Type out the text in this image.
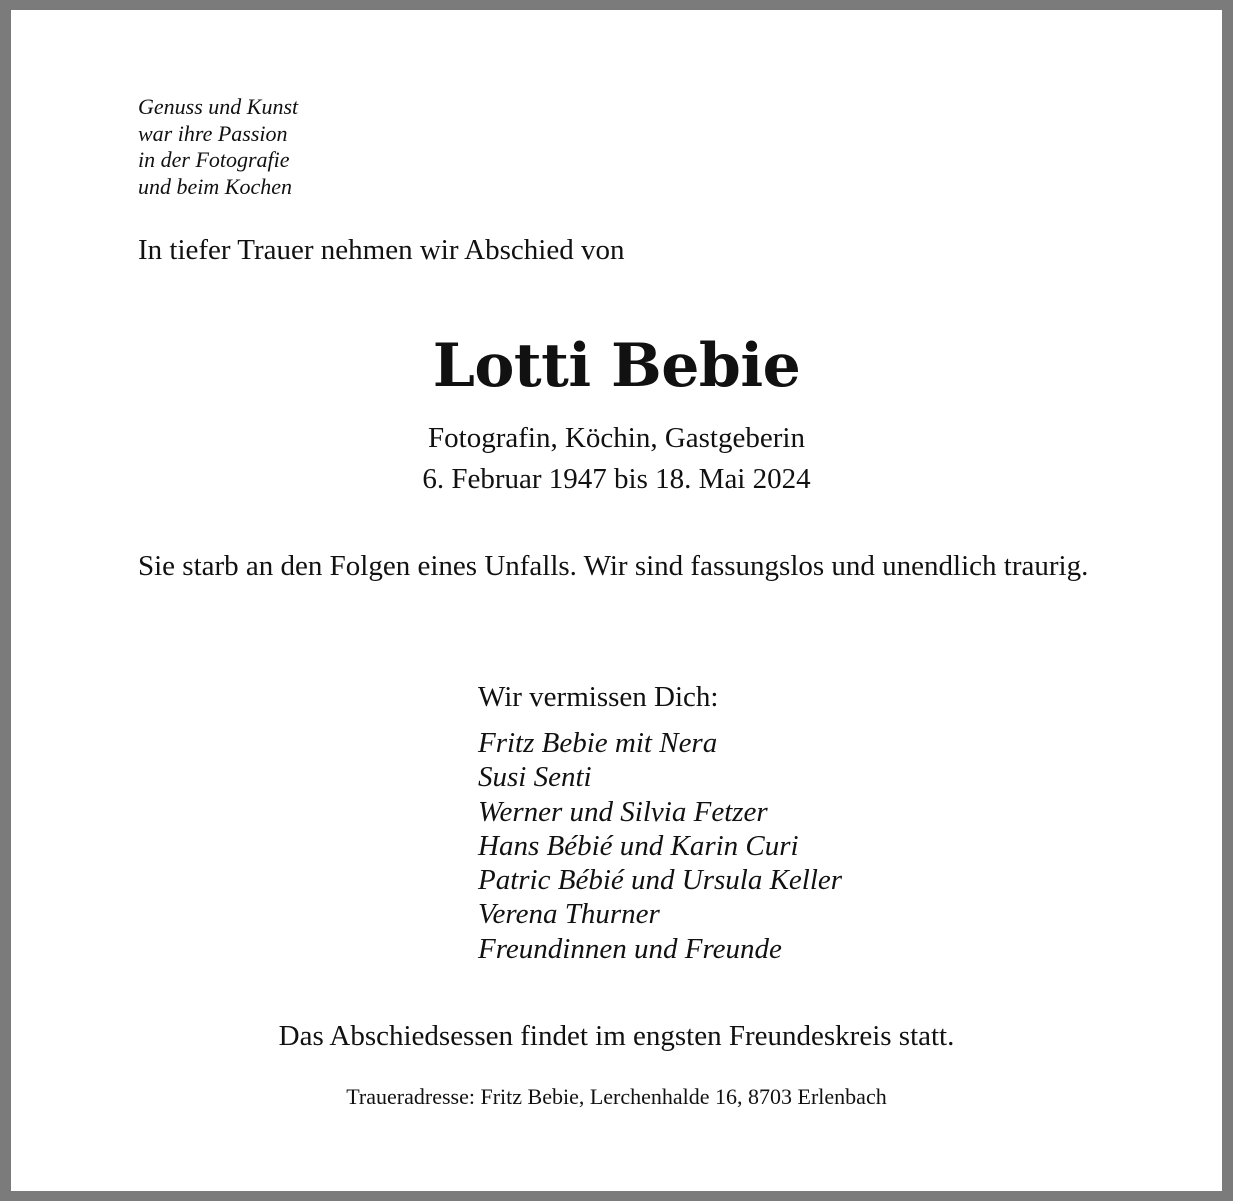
Genuss und Kunst
war ihre Passion
in der Fotografie
und beim Kochen

In tiefer Trauer nehmen wir Abschied von

Lotti Bebie
Fotografin, Köchin, Gastgeberin
6. Februar 1947 bis 18. Mai 2024

Sie starb an den Folgen eines Unfalls. Wir sind fassungslos und unendlich traurig.

Wir vermissen Dich:

Fritz Bebie mit Nera
Susi Senti
Werner und Silvia Fetzer
Hans Bébié und Karin Curi
Patric Bébié und Ursula Keller
Verena Thurner
Freundinnen und Freunde

Das Abschiedsessen findet im engsten Freundeskreis statt.

Traueradresse: Fritz Bebie, Lerchenhalde 16, 8703 Erlenbach
